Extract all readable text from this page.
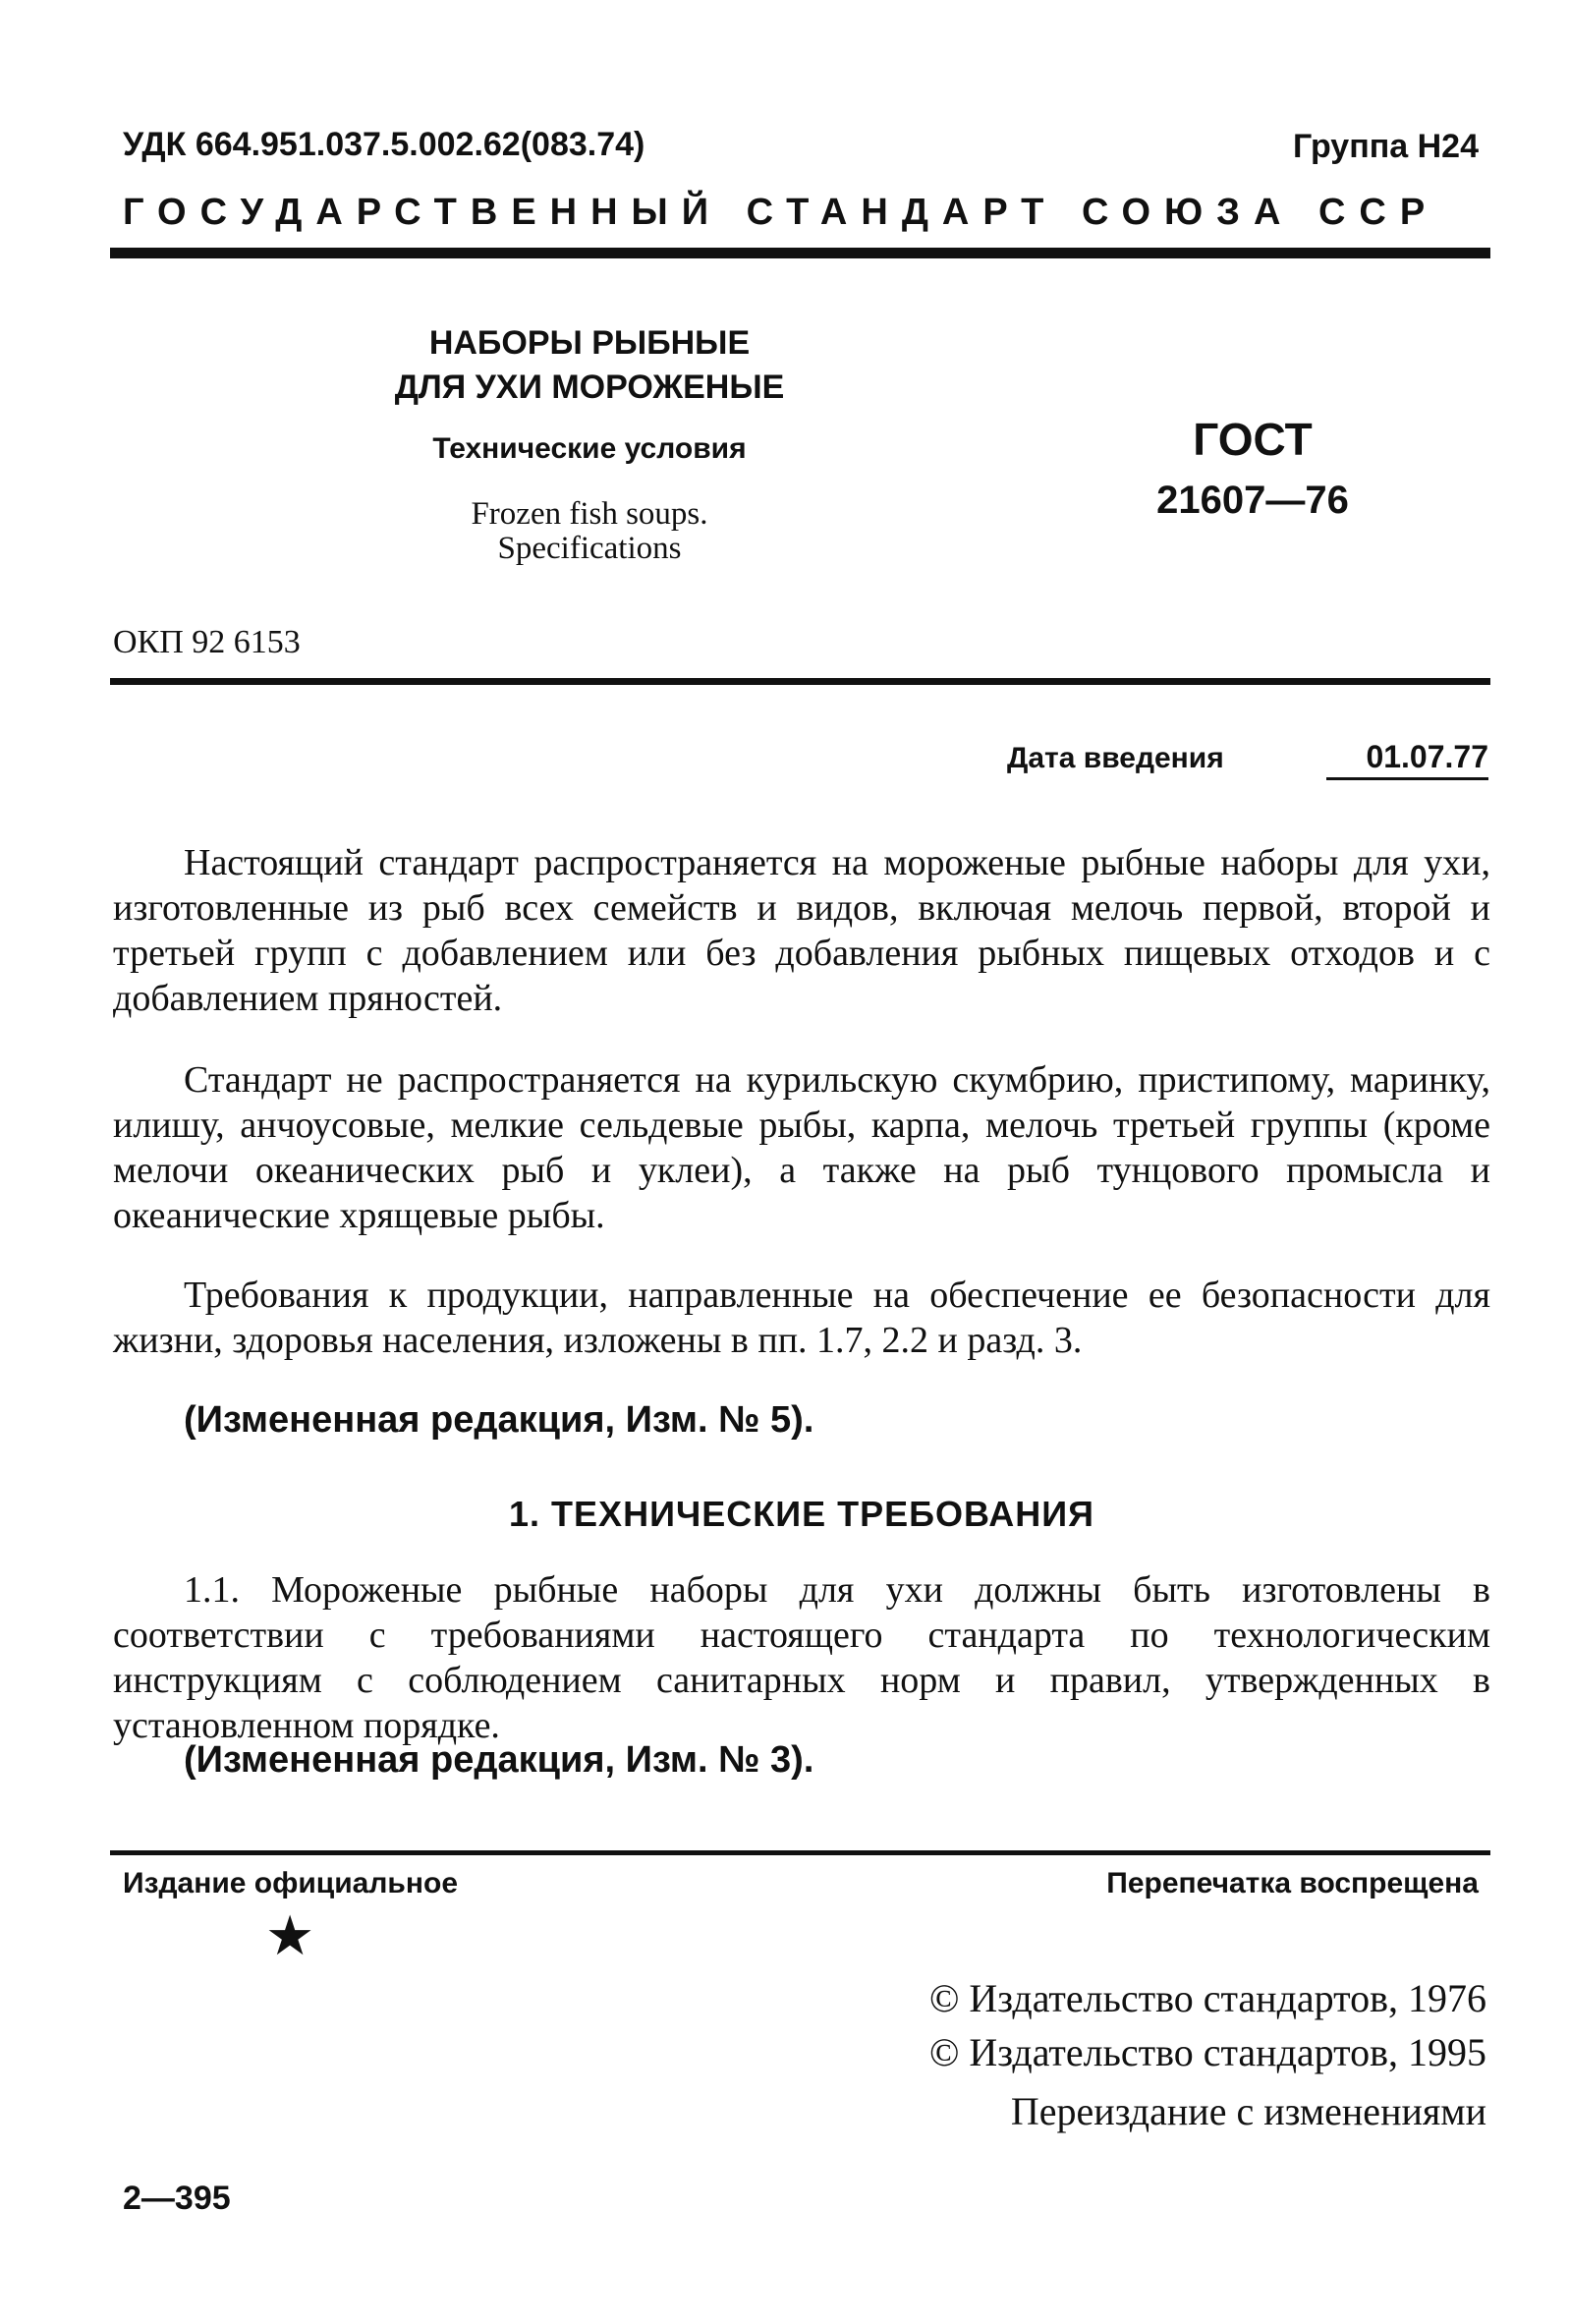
УДК 664.951.037.5.002.62(083.74)	Группа Н24
ГОСУДАРСТВЕННЫЙ СТАНДАРТ СОЮЗА ССР
НАБОРЫ РЫБНЫЕ
ДЛЯ УХИ МОРОЖЕНЫЕ
Технические условия
Frozen fish soups.
Specifications
ГОСТ
21607—76
ОКП 92 6153
Дата введения	01.07.77
Настоящий стандарт распространяется на мороженые рыбные наборы для ухи, изготовленные из рыб всех семейств и видов, включая мелочь первой, второй и третьей групп с добавлением или без добавления рыбных пищевых отходов и с добавлением пряностей.
Стандарт не распространяется на курильскую скумбрию, пристипому, маринку, илишу, анчоусовые, мелкие сельдевые рыбы, карпа, мелочь третьей группы (кроме мелочи океанических рыб и уклеи), а также на рыб тунцового промысла и океанические хрящевые рыбы.
Требования к продукции, направленные на обеспечение ее безопасности для жизни, здоровья населения, изложены в пп. 1.7, 2.2 и разд. 3.
(Измененная редакция, Изм. № 5).
1. ТЕХНИЧЕСКИЕ ТРЕБОВАНИЯ
1.1. Мороженые рыбные наборы для ухи должны быть изготовлены в соответствии с требованиями настоящего стандарта по технологическим инструкциям с соблюдением санитарных норм и правил, утвержденных в установленном порядке.
(Измененная редакция, Изм. № 3).
Издание официальное	Перепечатка воспрещена
★
© Издательство стандартов, 1976
© Издательство стандартов, 1995
Переиздание с изменениями
2—395
